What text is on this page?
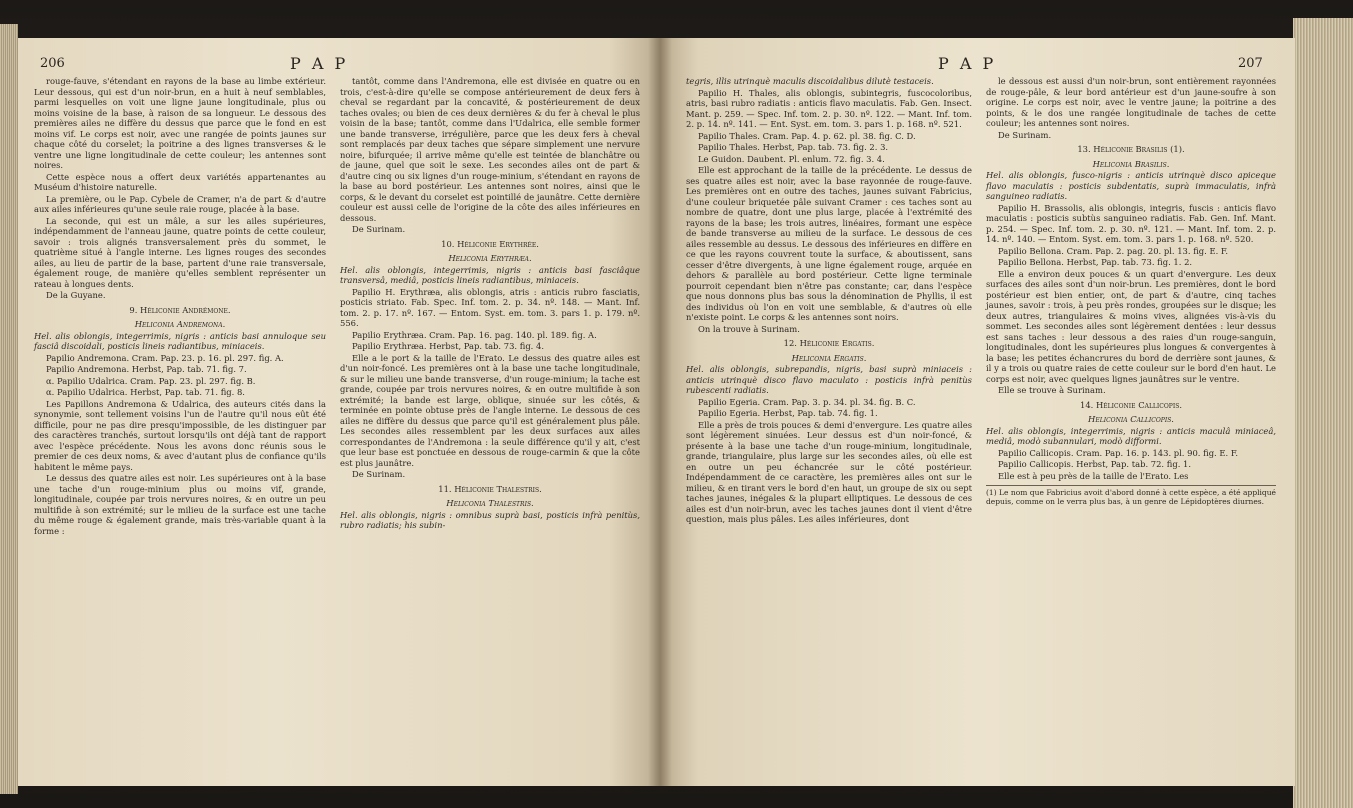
206	P A P

rouge-fauve, s'étendant en rayons de la base au limbe extérieur. Leur dessous, qui est d'un noir-brun, en a huit à neuf semblables, parmi lesquelles on voit une ligne jaune longitudinale, plus ou moins voisine de la base, à raison de sa longueur. Le dessous des premières ailes ne diffère du dessus que parce que le fond en est moins vif. Le corps est noir, avec une rangée de points jaunes sur chaque côté du corselet; la poitrine a des lignes transverses & le ventre une ligne longitudinale de cette couleur; les antennes sont noires.

Cette espèce nous a offert deux variétés appartenantes au Muséum d'histoire naturelle.

La première, ou le Pap. Cybele de Cramer, n'a de part & d'autre aux ailes inférieures qu'une seule raie rouge, placée à la base.

La seconde, qui est un mâle, a sur les ailes supérieures, indépendamment de l'anneau jaune, quatre points de cette couleur, savoir : trois alignés transversalement près du sommet, le quatrième situé à l'angle interne. Les lignes rouges des secondes ailes, au lieu de partir de la base, partent d'une raie transversale, également rouge, de manière qu'elles semblent représenter un rateau à longues dents.

De la Guyane.

9. Héliconie Andrémone.

Heliconia Andremona.

Hel. alis oblongis, integerrimis, nigris : anticis basi annuloque seu fasciâ discoidali, posticis lineis radiantibus, miniaceis.

Papilio Andremona. Cram. Pap. 23. p. 16. pl. 297. fig. A.

Papilio Andremona. Herbst, Pap. tab. 71. fig. 7.

α. Papilio Udalrica. Cram. Pap. 23. pl. 297. fig. B.

α. Papilio Udalrica. Herbst, Pap. tab. 71. fig. 8.

Les Papillons Andremona & Udalrica, des auteurs cités dans la synonymie, sont tellement voisins l'un de l'autre qu'il nous eût été difficile, pour ne pas dire presqu'impossible, de les distinguer par des caractères tranchés, surtout lorsqu'ils ont déjà tant de rapport avec l'espèce précédente. Nous les avons donc réunis sous le premier de ces deux noms, & avec d'autant plus de confiance qu'ils habitent le même pays.

Le dessus des quatre ailes est noir. Les supérieures ont à la base une tache d'un rouge-minium plus ou moins vif, grande, longitudinale, coupée par trois nervures noires, & en outre un peu multifide à son extrémité; sur le milieu de la surface est une tache du même rouge & également grande, mais très-variable quant à la forme :

tantôt, comme dans l'Andremona, elle est divisée en quatre ou en trois, c'est-à-dire qu'elle se compose antérieurement de deux fers à cheval se regardant par la concavité, & postérieurement de deux taches ovales; ou bien de ces deux dernières & du fer à cheval le plus voisin de la base; tantôt, comme dans l'Udalrica, elle semble former une bande transverse, irrégulière, parce que les deux fers à cheval sont remplacés par deux taches que sépare simplement une nervure noire, bifurquée; il arrive même qu'elle est teintée de blanchâtre ou de jaune, quel que soit le sexe. Les secondes ailes ont de part & d'autre cinq ou six lignes d'un rouge-minium, s'étendant en rayons de la base au bord postérieur. Les antennes sont noires, ainsi que le corps, & le devant du corselet est pointillé de jaunâtre. Cette dernière couleur est aussi celle de l'origine de la côte des ailes inférieures en dessous.

De Surinam.

10. Héliconie Erythrée.

Heliconia Erythræa.

Hel. alis oblongis, integerrimis, nigris : anticis basi fasciâque transversâ, mediâ, posticis lineis radiantibus, miniaceis.

Papilio H. Erythræa, alis oblongis, atris : anticis rubro fasciatis, posticis striato. Fab. Spec. Inf. tom. 2. p. 34. nº. 148. — Mant. Inf. tom. 2. p. 17. nº. 167. — Entom. Syst. em. tom. 3. pars 1. p. 179. nº. 556.

Papilio Erythræa. Cram. Pap. 16. pag. 140. pl. 189. fig. A.

Papilio Erythræa. Herbst, Pap. tab. 73. fig. 4.

Elle a le port & la taille de l'Erato. Le dessus des quatre ailes est d'un noir-foncé. Les premières ont à la base une tache longitudinale, & sur le milieu une bande transverse, d'un rouge-minium; la tache est grande, coupée par trois nervures noires, & en outre multifide à son extrémité; la bande est large, oblique, sinuée sur les côtés, & terminée en pointe obtuse près de l'angle interne. Le dessous de ces ailes ne diffère du dessus que parce qu'il est généralement plus pâle. Les secondes ailes ressemblent par les deux surfaces aux ailes correspondantes de l'Andremona : la seule différence qu'il y ait, c'est que leur base est ponctuée en dessous de rouge-carmin & que la côte est plus jaunâtre.

De Surinam.

11. Héliconie Thalestris.

Heliconia Thalestris.

Hel. alis oblongis, nigris : omnibus suprà basi, posticis infrà penitùs, rubro radiatis; his subin-

P A P	207

tegris, illis utrinquè maculis discoidalibus dilutè testaceis.

Papilio H. Thales, alis oblongis, subintegris, fuscocoloribus, atris, basi rubro radiatis : anticis flavo maculatis. Fab. Gen. Insect. Mant. p. 259. — Spec. Inf. tom. 2. p. 30. nº. 122. — Mant. Inf. tom. 2. p. 14. nº. 141. — Ent. Syst. em. tom. 3. pars 1. p. 168. nº. 521.

Papilio Thales. Cram. Pap. 4. p. 62. pl. 38. fig. C. D.

Papilio Thales. Herbst, Pap. tab. 73. fig. 2. 3.

Le Guidon. Daubent. Pl. enlum. 72. fig. 3. 4.

Elle est approchant de la taille de la précédente. Le dessus de ses quatre ailes est noir, avec la base rayonnée de rouge-fauve. Les premières ont en outre des taches, jaunes suivant Fabricius, d'une couleur briquetée pâle suivant Cramer : ces taches sont au nombre de quatre, dont une plus large, placée à l'extrémité des rayons de la base; les trois autres, linéaires, formant une espèce de bande transverse au milieu de la surface. Le dessous de ces ailes ressemble au dessus. Le dessous des inférieures en diffère en ce que les rayons couvrent toute la surface, & aboutissent, sans cesser d'être divergents, à une ligne également rouge, arquée en dehors & parallèle au bord postérieur. Cette ligne terminale pourroit cependant bien n'être pas constante; car, dans l'espèce que nous donnons plus bas sous la dénomination de Phyllis, il est des individus où l'on en voit une semblable, & d'autres où elle n'existe point. Le corps & les antennes sont noirs.

On la trouve à Surinam.

12. Héliconie Ergatis.

Heliconia Ergatis.

Hel. alis oblongis, subrepandis, nigris, basi suprà miniaceis : anticis utrinquè disco flavo maculato : posticis infrà penitùs rubescenti radiatis.

Papilio Egeria. Cram. Pap. 3. p. 34. pl. 34. fig. B. C.

Papilio Egeria. Herbst, Pap. tab. 74. fig. 1.

Elle a près de trois pouces & demi d'envergure. Les quatre ailes sont légèrement sinuées. Leur dessus est d'un noir-foncé, & présente à la base une tache d'un rouge-minium, longitudinale, grande, triangulaire, plus large sur les secondes ailes, où elle est en outre un peu échancrée sur le côté postérieur. Indépendamment de ce caractère, les premières ailes ont sur le milieu, & en tirant vers le bord d'en haut, un groupe de six ou sept taches jaunes, inégales & la plupart elliptiques. Le dessous de ces ailes est d'un noir-brun, avec les taches jaunes dont il vient d'être question, mais plus pâles. Les ailes inférieures, dont

le dessous est aussi d'un noir-brun, sont entièrement rayonnées de rouge-pâle, & leur bord antérieur est d'un jaune-soufre à son origine. Le corps est noir, avec le ventre jaune; la poitrine a des points, & le dos une rangée longitudinale de taches de cette couleur; les antennes sont noires.

De Surinam.

13. Héliconie Brasilis (1).

Heliconia Brasilis.

Hel. alis oblongis, fusco-nigris : anticis utrinquè disco apiceque flavo maculatis : posticis subdentatis, suprà immaculatis, infrà sanguineo radiatis.

Papilio H. Brassolis, alis oblongis, integris, fuscis : anticis flavo maculatis : posticis subtùs sanguineo radiatis. Fab. Gen. Inf. Mant. p. 254. — Spec. Inf. tom. 2. p. 30. nº. 121. — Mant. Inf. tom. 2. p. 14. nº. 140. — Entom. Syst. em. tom. 3. pars 1. p. 168. nº. 520.

Papilio Bellona. Cram. Pap. 2. pag. 20. pl. 13. fig. E. F.

Papilio Bellona. Herbst, Pap. tab. 73. fig. 1. 2.

Elle a environ deux pouces & un quart d'envergure. Les deux surfaces des ailes sont d'un noir-brun. Les premières, dont le bord postérieur est bien entier, ont, de part & d'autre, cinq taches jaunes, savoir : trois, à peu près rondes, groupées sur le disque; les deux autres, triangulaires & moins vives, alignées vis-à-vis du sommet. Les secondes ailes sont légèrement dentées : leur dessus est sans taches : leur dessous a des raies d'un rouge-sanguin, longitudinales, dont les supérieures plus longues & convergentes à la base; les petites échancrures du bord de derrière sont jaunes, & il y a trois ou quatre raies de cette couleur sur le bord d'en haut. Le corps est noir, avec quelques lignes jaunâtres sur le ventre.

Elle se trouve à Surinam.

14. Héliconie Callicopis.

Heliconia Callicopis.

Hel. alis oblongis, integerrimis, nigris : anticis maculâ miniaceâ, mediâ, modò subannulari, modò difformi.

Papilio Callicopis. Cram. Pap. 16. p. 143. pl. 90. fig. E. F.

Papilio Callicopis. Herbst, Pap. tab. 72. fig. 1.

Elle est à peu près de la taille de l'Erato. Les

(1) Le nom que Fabricius avoit d'abord donné à cette espèce, a été appliqué depuis, comme on le verra plus bas, à un genre de Lépidoptères diurnes.
